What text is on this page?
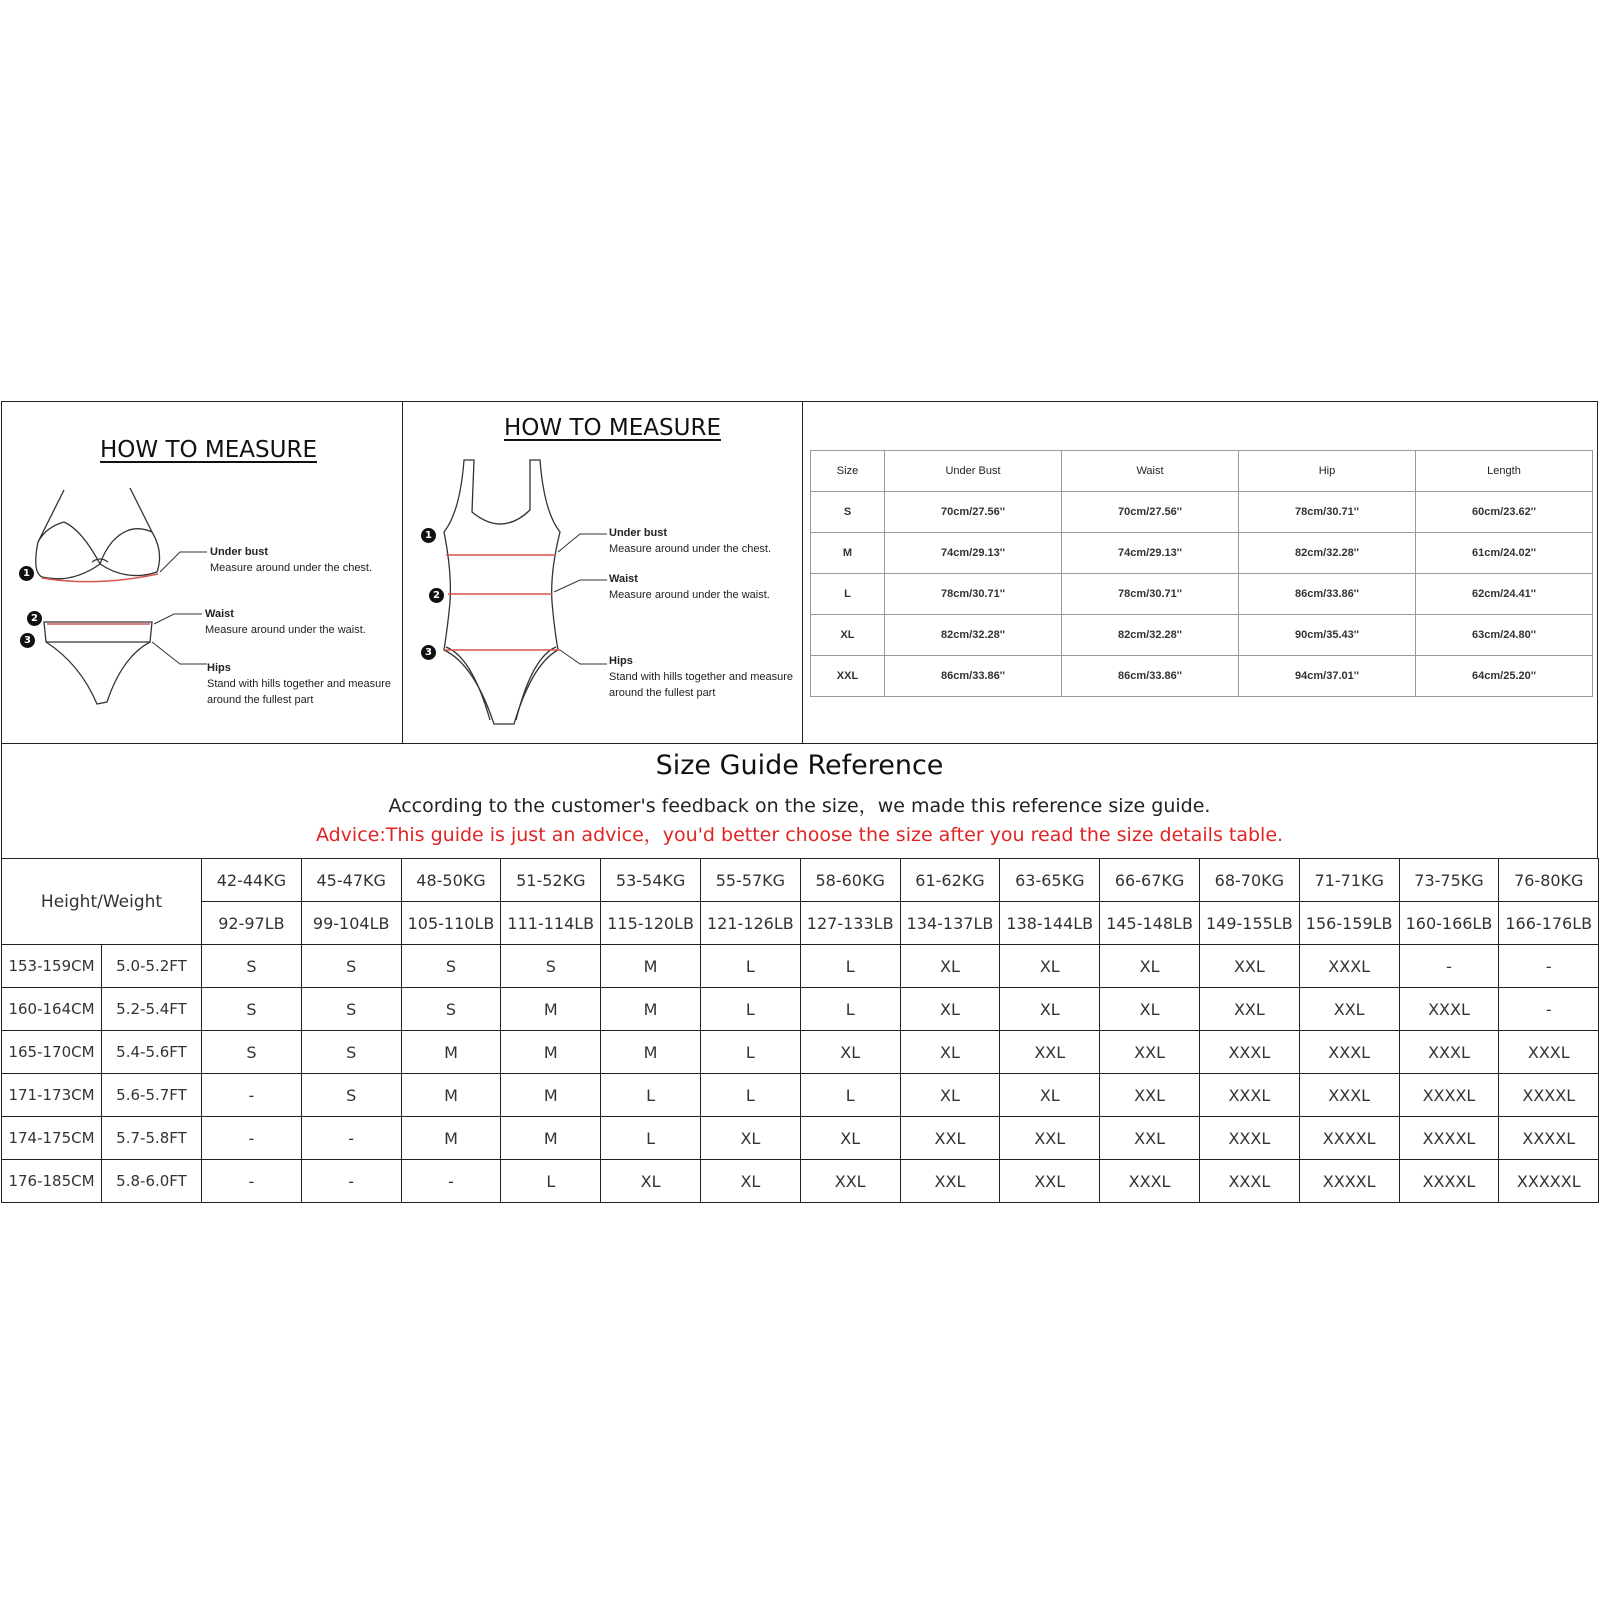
HOW TO MEASURE
1
2
3
Under bust
Measure around under the chest.
Waist
Measure around under the waist.
Hips
Stand with hills together and measure
around the fullest part
HOW TO MEASURE
1
2
3
Under bust
Measure around under the chest.
Waist
Measure around under the waist.
Hips
Stand with hills together and measure
around the fullest part
Size	Under Bust	Waist	Hip	Length
S	70cm/27.56''	70cm/27.56''	78cm/30.71''	60cm/23.62''
M	74cm/29.13''	74cm/29.13''	82cm/32.28''	61cm/24.02''
L	78cm/30.71''	78cm/30.71''	86cm/33.86''	62cm/24.41''
XL	82cm/32.28''	82cm/32.28''	90cm/35.43''	63cm/24.80''
XXL	86cm/33.86''	86cm/33.86''	94cm/37.01''	64cm/25.20''
Size Guide Reference
According to the customer's feedback on the size，we made this reference size guide.
Advice:This guide is just an advice，you'd better choose the size after you read the size details table.
Height/Weight		42-44KG	45-47KG	48-50KG	51-52KG	53-54KG	55-57KG	58-60KG	61-62KG	63-65KG	66-67KG	68-70KG	71-71KG	73-75KG	76-80KG
		92-97LB	99-104LB	105-110LB	111-114LB	115-120LB	121-126LB	127-133LB	134-137LB	138-144LB	145-148LB	149-155LB	156-159LB	160-166LB	166-176LB
153-159CM	5.0-5.2FT	S	S	S	S	M	L	L	XL	XL	XL	XXL	XXXL	-	-
160-164CM	5.2-5.4FT	S	S	S	M	M	L	L	XL	XL	XL	XXL	XXL	XXXL	-
165-170CM	5.4-5.6FT	S	S	M	M	M	L	XL	XL	XXL	XXL	XXXL	XXXL	XXXL	XXXL
171-173CM	5.6-5.7FT	-	S	M	M	L	L	L	XL	XL	XXL	XXXL	XXXL	XXXXL	XXXXL
174-175CM	5.7-5.8FT	-	-	M	M	L	XL	XL	XXL	XXL	XXL	XXXL	XXXXL	XXXXL	XXXXL
176-185CM	5.8-6.0FT	-	-	-	L	XL	XL	XXL	XXL	XXL	XXXL	XXXL	XXXXL	XXXXL	XXXXXL
